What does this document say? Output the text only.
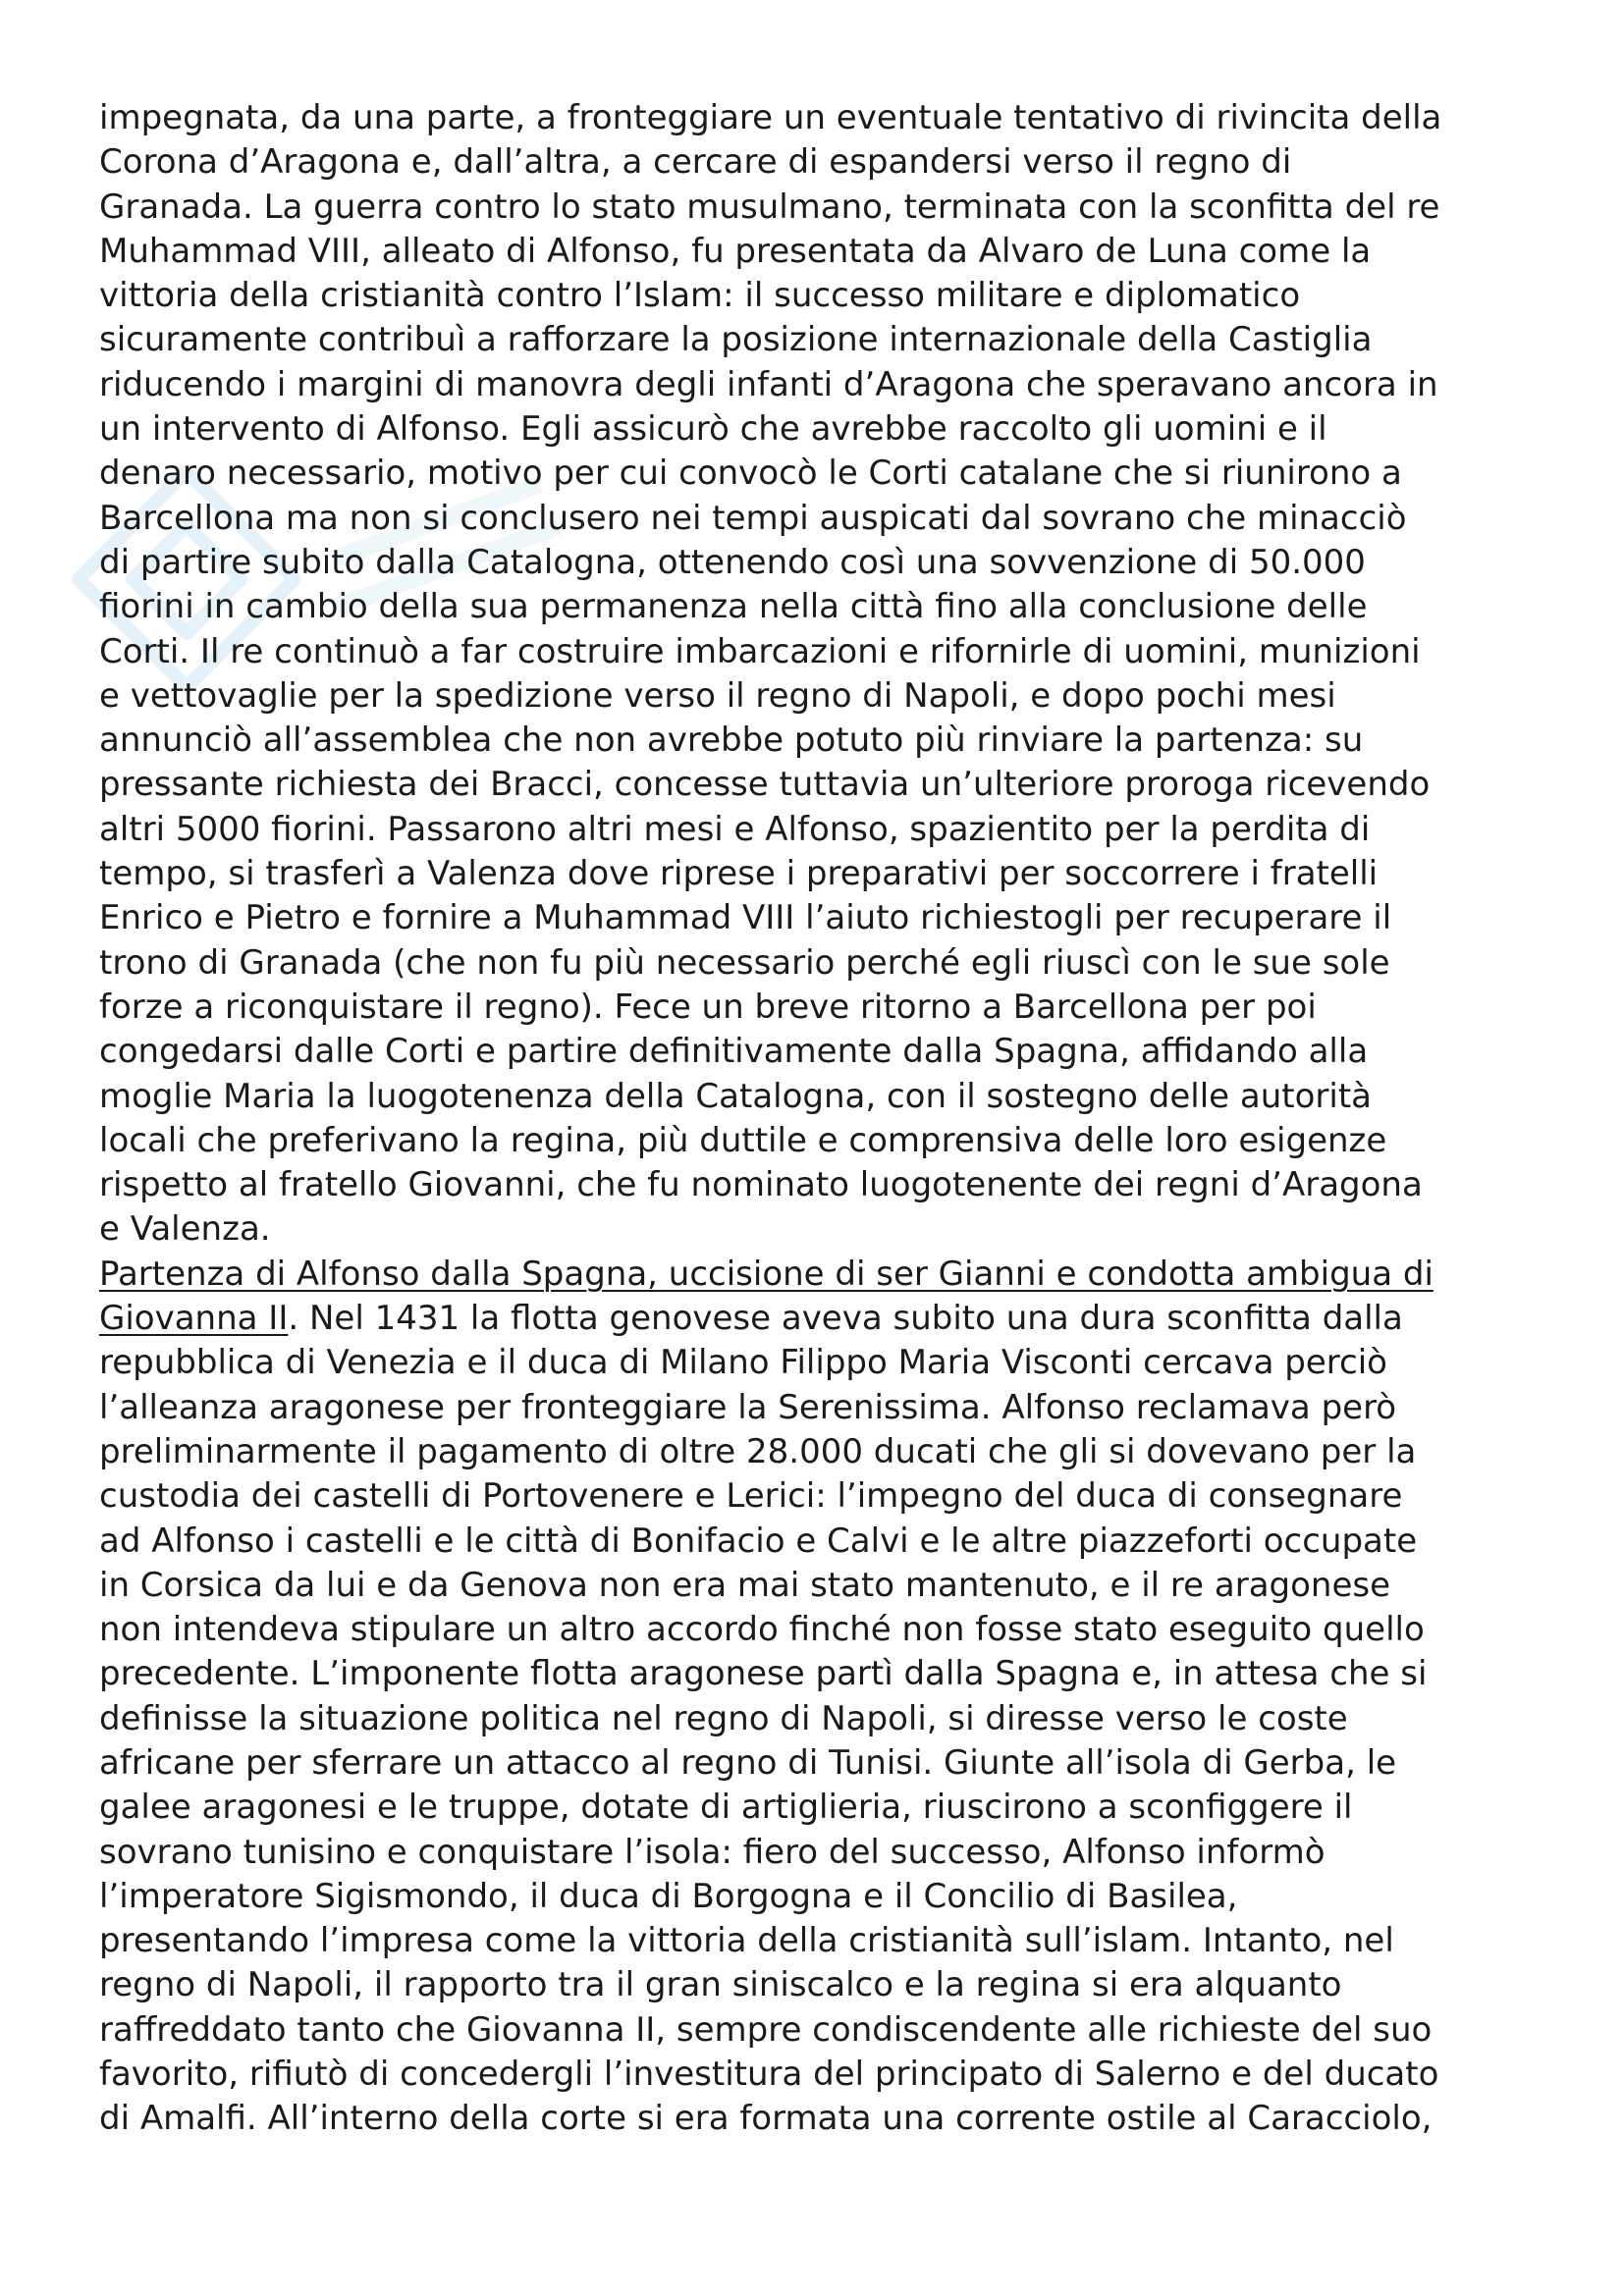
impegnata, da una parte, a fronteggiare un eventuale tentativo di rivincita della
Corona d’Aragona e, dall’altra, a cercare di espandersi verso il regno di
Granada. La guerra contro lo stato musulmano, terminata con la sconfitta del re
Muhammad VIII, alleato di Alfonso, fu presentata da Alvaro de Luna come la
vittoria della cristianità contro l’Islam: il successo militare e diplomatico
sicuramente contribuì a rafforzare la posizione internazionale della Castiglia
riducendo i margini di manovra degli infanti d’Aragona che speravano ancora in
un intervento di Alfonso. Egli assicurò che avrebbe raccolto gli uomini e il
denaro necessario, motivo per cui convocò le Corti catalane che si riunirono a
Barcellona ma non si conclusero nei tempi auspicati dal sovrano che minacciò
di partire subito dalla Catalogna, ottenendo così una sovvenzione di 50.000
fiorini in cambio della sua permanenza nella città fino alla conclusione delle
Corti. Il re continuò a far costruire imbarcazioni e rifornirle di uomini, munizioni
e vettovaglie per la spedizione verso il regno di Napoli, e dopo pochi mesi
annunciò all’assemblea che non avrebbe potuto più rinviare la partenza: su
pressante richiesta dei Bracci, concesse tuttavia un’ulteriore proroga ricevendo
altri 5000 fiorini. Passarono altri mesi e Alfonso, spazientito per la perdita di
tempo, si trasferì a Valenza dove riprese i preparativi per soccorrere i fratelli
Enrico e Pietro e fornire a Muhammad VIII l’aiuto richiestogli per recuperare il
trono di Granada (che non fu più necessario perché egli riuscì con le sue sole
forze a riconquistare il regno). Fece un breve ritorno a Barcellona per poi
congedarsi dalle Corti e partire definitivamente dalla Spagna, affidando alla
moglie Maria la luogotenenza della Catalogna, con il sostegno delle autorità
locali che preferivano la regina, più duttile e comprensiva delle loro esigenze
rispetto al fratello Giovanni, che fu nominato luogotenente dei regni d’Aragona
e Valenza.
Partenza di Alfonso dalla Spagna, uccisione di ser Gianni e condotta ambigua di
Giovanna II. Nel 1431 la flotta genovese aveva subito una dura sconfitta dalla
repubblica di Venezia e il duca di Milano Filippo Maria Visconti cercava perciò
l’alleanza aragonese per fronteggiare la Serenissima. Alfonso reclamava però
preliminarmente il pagamento di oltre 28.000 ducati che gli si dovevano per la
custodia dei castelli di Portovenere e Lerici: l’impegno del duca di consegnare
ad Alfonso i castelli e le città di Bonifacio e Calvi e le altre piazzeforti occupate
in Corsica da lui e da Genova non era mai stato mantenuto, e il re aragonese
non intendeva stipulare un altro accordo finché non fosse stato eseguito quello
precedente. L’imponente flotta aragonese partì dalla Spagna e, in attesa che si
definisse la situazione politica nel regno di Napoli, si diresse verso le coste
africane per sferrare un attacco al regno di Tunisi. Giunte all’isola di Gerba, le
galee aragonesi e le truppe, dotate di artiglieria, riuscirono a sconfiggere il
sovrano tunisino e conquistare l’isola: fiero del successo, Alfonso informò
l’imperatore Sigismondo, il duca di Borgogna e il Concilio di Basilea,
presentando l’impresa come la vittoria della cristianità sull’islam. Intanto, nel
regno di Napoli, il rapporto tra il gran siniscalco e la regina si era alquanto
raffreddato tanto che Giovanna II, sempre condiscendente alle richieste del suo
favorito, rifiutò di concedergli l’investitura del principato di Salerno e del ducato
di Amalfi. All’interno della corte si era formata una corrente ostile al Caracciolo,
